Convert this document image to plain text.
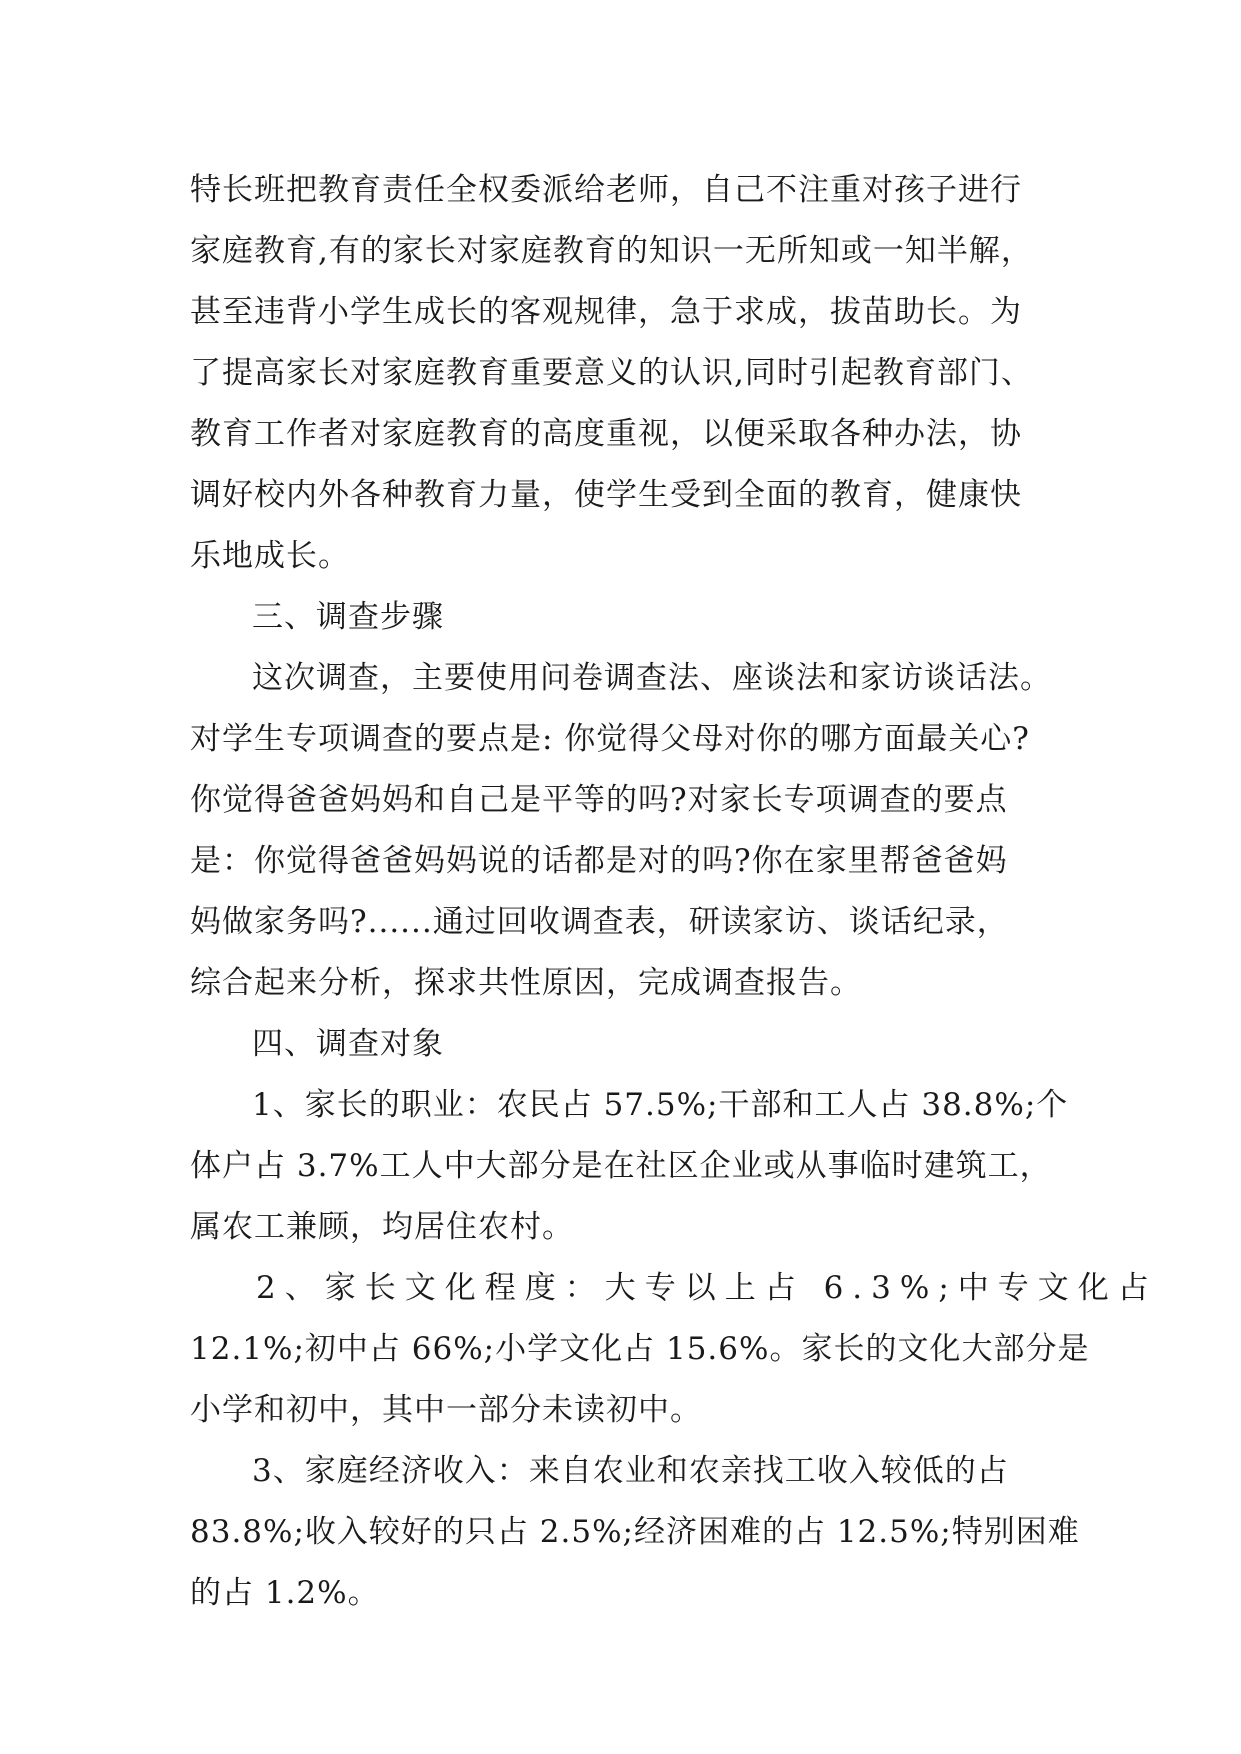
特长班把教育责任全权委派给老师，自己不注重对孩子进行
家庭教育,有的家长对家庭教育的知识一无所知或一知半解，
甚至违背小学生成长的客观规律，急于求成，拔苗助长。为
了提高家长对家庭教育重要意义的认识,同时引起教育部门、
教育工作者对家庭教育的高度重视，以便采取各种办法，协
调好校内外各种教育力量，使学生受到全面的教育，健康快
乐地成长。
三、调查步骤
这次调查，主要使用问卷调查法、座谈法和家访谈话法。
对学生专项调查的要点是: 你觉得父母对你的哪方面最关心?
你觉得爸爸妈妈和自己是平等的吗?对家长专项调查的要点
是：你觉得爸爸妈妈说的话都是对的吗?你在家里帮爸爸妈
妈做家务吗?......通过回收调查表，研读家访、谈话纪录，
综合起来分析，探求共性原因，完成调查报告。
四、调查对象
1、家长的职业：农民占 57.5%;干部和工人占 38.8%;个
体户占 3.7%工人中大部分是在社区企业或从事临时建筑工，
属农工兼顾，均居住农村。
2、家长文化程度：大专以上占 6.3%;中专文化占
12.1%;初中占 66%;小学文化占 15.6%。家长的文化大部分是
小学和初中，其中一部分未读初中。
3、家庭经济收入：来自农业和农亲找工收入较低的占
83.8%;收入较好的只占 2.5%;经济困难的占 12.5%;特别困难
的占 1.2%。
